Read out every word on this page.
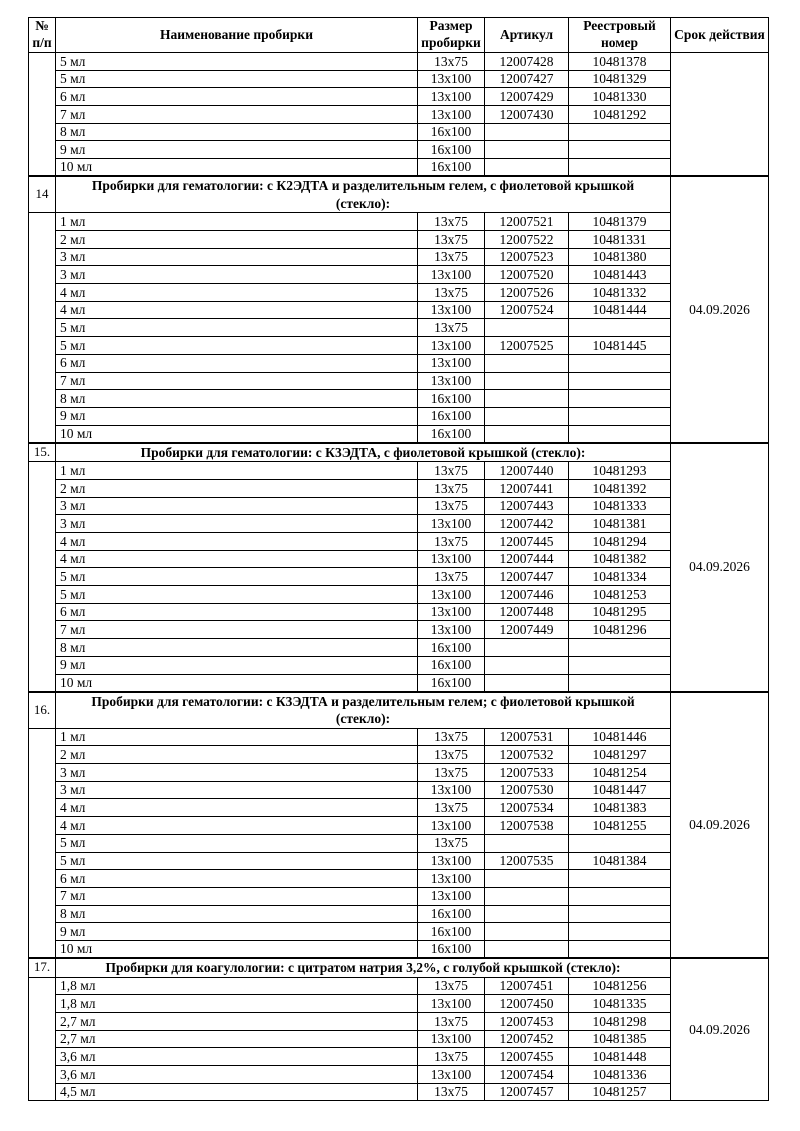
№ п/п	Наименование пробирки	Размер пробирки	Артикул	Реестровый номер	Срок действия
	5 мл	13x75	12007428	10481378	
	5 мл	13x100	12007427	10481329	
	6 мл	13x100	12007429	10481330	
	7 мл	13x100	12007430	10481292	
	8 мл	16x100			
	9 мл	16x100			
	10 мл	16x100			
14	Пробирки для гематологии: с К2ЭДТА и разделительным гелем, с фиолетовой крышкой (стекло):				04.09.2026
	1 мл	13x75	12007521	10481379	
	2 мл	13x75	12007522	10481331	
	3 мл	13x75	12007523	10481380	
	3 мл	13x100	12007520	10481443	
	4 мл	13x75	12007526	10481332	
	4 мл	13x100	12007524	10481444	
	5 мл	13x75			
	5 мл	13x100	12007525	10481445	
	6 мл	13x100			
	7 мл	13x100			
	8 мл	16x100			
	9 мл	16x100			
	10 мл	16x100			
15.	Пробирки для гематологии: с К3ЭДТА, с фиолетовой крышкой (стекло):				04.09.2026
	1 мл	13x75	12007440	10481293	
	2 мл	13x75	12007441	10481392	
	3 мл	13x75	12007443	10481333	
	3 мл	13x100	12007442	10481381	
	4 мл	13x75	12007445	10481294	
	4 мл	13x100	12007444	10481382	
	5 мл	13x75	12007447	10481334	
	5 мл	13x100	12007446	10481253	
	6 мл	13x100	12007448	10481295	
	7 мл	13x100	12007449	10481296	
	8 мл	16x100			
	9 мл	16x100			
	10 мл	16x100			
16.	Пробирки для гематологии: с К3ЭДТА и разделительным гелем; с фиолетовой крышкой (стекло):				04.09.2026
	1 мл	13x75	12007531	10481446	
	2 мл	13x75	12007532	10481297	
	3 мл	13x75	12007533	10481254	
	3 мл	13x100	12007530	10481447	
	4 мл	13x75	12007534	10481383	
	4 мл	13x100	12007538	10481255	
	5 мл	13x75			
	5 мл	13x100	12007535	10481384	
	6 мл	13x100			
	7 мл	13x100			
	8 мл	16x100			
	9 мл	16x100			
	10 мл	16x100			
17.	Пробирки для коагулологии: с цитратом натрия 3,2%, с голубой крышкой (стекло):				04.09.2026
	1,8 мл	13x75	12007451	10481256	
	1,8 мл	13x100	12007450	10481335	
	2,7 мл	13x75	12007453	10481298	
	2,7 мл	13x100	12007452	10481385	
	3,6 мл	13x75	12007455	10481448	
	3,6 мл	13x100	12007454	10481336	
	4,5 мл	13x75	12007457	10481257	
